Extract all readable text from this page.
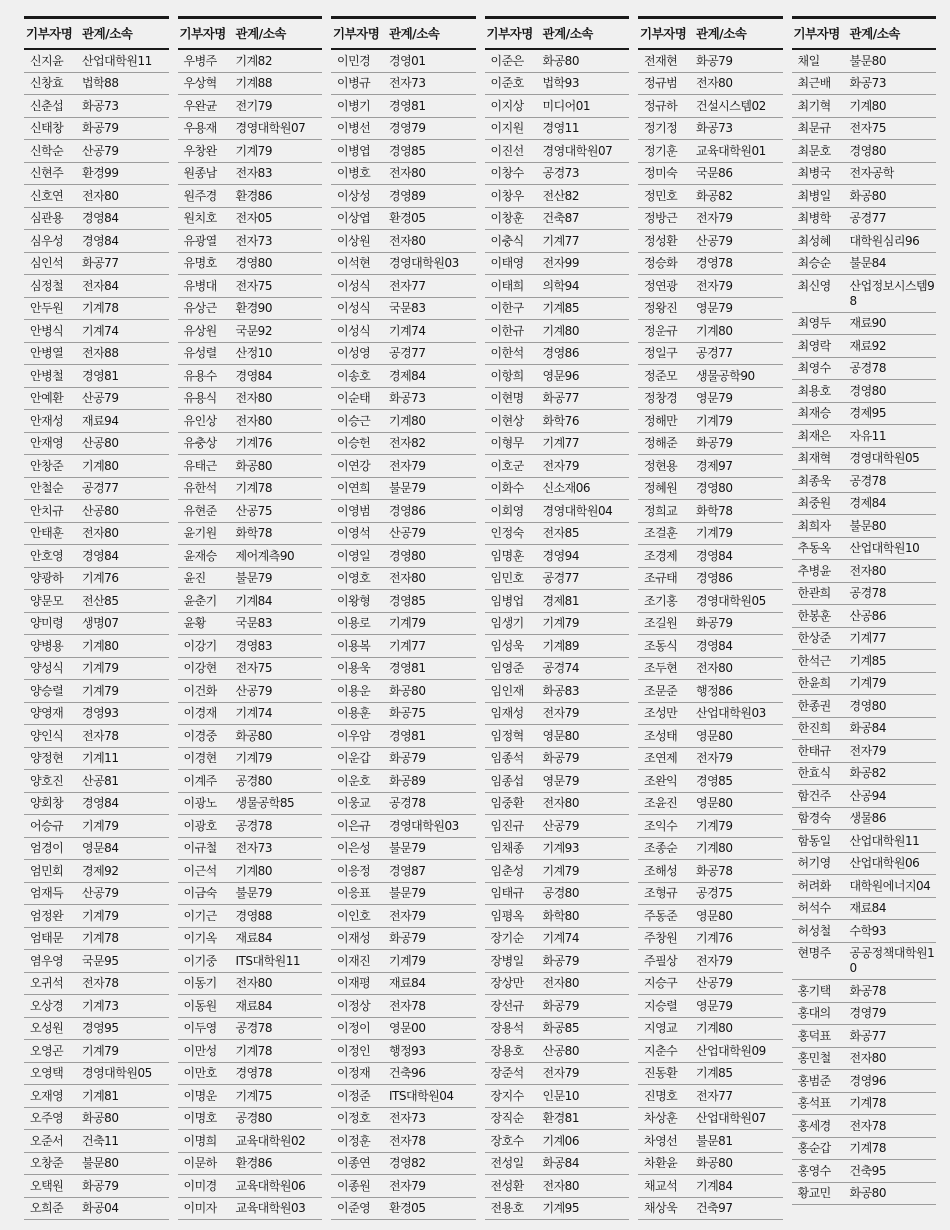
기부자명 관계/소속
신지윤	산업대학원11
신창효	법학88
신춘섭	화공73
신태창	화공79
신학순	산공79
신현주	환경99
신호연	전자80
심관용	경영84
심우성	경영84
심인석	화공77
심정철	전자84
안두원	기계78
안병식	기계74
안병열	전자88
안병철	경영81
안예환	산공79
안재성	재료94
안재영	산공80
안창준	기계80
안철순	공경77
안치규	산공80
안태훈	전자80
안호영	경영84
양광하	기계76
양문모	전산85
양미령	생명07
양병용	기계80
양성식	기계79
양승렬	기계79
양영재	경영93
양인식	전자78
양정현	기계11
양호진	산공81
양회창	경영84
어승규	기계79
엄경이	영문84
엄민회	경제92
엄재득	산공79
엄정완	기계79
엄태문	기계78
염우영	국문95
오귀석	전자78
오상경	기계73
오성원	경영95
오영곤	기계79
오영택	경영대학원05
오재영	기계81
오주영	화공80
오준서	건축11
오창준	불문80
오택원	화공79
오희준	화공04
기부자명 관계/소속
우병주	기계82
우상혁	기계88
우완균	전기79
우용재	경영대학원07
우창완	기계79
원종남	전자83
원주경	환경86
원치호	전자05
유광열	전자73
유명호	경영80
유병대	전자75
유상근	환경90
유상원	국문92
유성렬	산정10
유용수	경영84
유용식	전자80
유인상	전자80
유충상	기계76
유태근	화공80
유한석	기계78
유현준	산공75
윤기원	화학78
윤재승	제어계측90
윤진	불문79
윤춘기	기계84
윤황	국문83
이강기	경영83
이강현	전자75
이건화	산공79
이경재	기계74
이경중	화공80
이경현	기계79
이계주	공경80
이광노	생물공학85
이광호	공경78
이규철	전자73
이근석	기계80
이금숙	불문79
이기근	경영88
이기옥	재료84
이기중	ITS대학원11
이동기	전자80
이동원	재료84
이두영	공경78
이만성	기계78
이만호	경영78
이명운	기계75
이명호	공경80
이명희	교육대학원02
이문하	환경86
이미경	교육대학원06
이미자	교육대학원03
기부자명 관계/소속
이민경	경영01
이병규	전자73
이병기	경영81
이병선	경영79
이병엽	경영85
이병호	전자80
이상성	경영89
이상엽	환경05
이상원	전자80
이석현	경영대학원03
이성식	전자77
이성식	국문83
이성식	기계74
이성영	공경77
이송호	경제84
이순태	화공73
이승근	기계80
이승헌	전자82
이연강	전자79
이연희	불문79
이영범	경영86
이영석	산공79
이영일	경영80
이영호	전자80
이왕형	경영85
이용로	기계79
이용복	기계77
이용욱	경영81
이용운	화공80
이용훈	화공75
이우암	경영81
이운갑	화공79
이운호	화공89
이웅교	공경78
이은규	경영대학원03
이은성	불문79
이응정	경영87
이응표	불문79
이인호	전자79
이재성	화공79
이재진	기계79
이재평	재료84
이정상	전자78
이정이	영문00
이정인	행정93
이정재	건축96
이정준	ITS대학원04
이정호	전자73
이정훈	전자78
이종연	경영82
이종원	전자79
이준영	환경05
기부자명 관계/소속
이준은	화공80
이준호	법학93
이지상	미디어01
이지원	경영11
이진선	경영대학원07
이창수	공경73
이창우	전산82
이창훈	건축87
이충식	기계77
이태영	전자99
이태희	의학94
이한구	기계85
이한규	기계80
이한석	경영86
이항희	영문96
이현명	화공77
이현상	화학76
이형무	기계77
이호군	전자79
이화수	신소재06
이회영	경영대학원04
인정숙	전자85
임명훈	경영94
임민호	공경77
임병업	경제81
임생기	기계79
임성욱	기계89
임영준	공경74
임인재	화공83
임재성	전자79
임정혁	영문80
임종석	화공79
임종섭	영문79
임중환	전자80
임진규	산공79
임채종	기계93
임춘성	기계79
임태규	공경80
임평옥	화학80
장기순	기계74
장병일	화공79
장상만	전자80
장선규	화공79
장용석	화공85
장용호	산공80
장준석	전자79
장지수	인문10
장직순	환경81
장호수	기계06
전성일	화공84
전성환	전자80
전용호	기계95
기부자명 관계/소속
전재현	화공79
정규범	전자80
정규하	건설시스템02
정기정	화공73
정기훈	교육대학원01
정미숙	국문86
정민호	화공82
정방근	전자79
정성환	산공79
정승화	경영78
정연광	전자79
정왕진	영문79
정운규	기계80
정일구	공경77
정준모	생물공학90
정창경	영문79
정해만	기계79
정해준	화공79
정현용	경제97
정혜원	경영80
정희교	화학78
조걸훈	기계79
조경제	경영84
조규태	경영86
조기홍	경영대학원05
조길원	화공79
조동식	경영84
조두현	전자80
조문준	행정86
조성만	산업대학원03
조성태	영문80
조연제	전자79
조완익	경영85
조윤진	영문80
조익수	기계79
조종순	기계80
조해성	화공78
조형규	공경75
주동준	영문80
주창원	기계76
주필상	전자79
지승구	산공79
지승렬	영문79
지영교	기계80
지춘수	산업대학원09
진동환	기계85
진명호	전자77
차상훈	산업대학원07
차영선	불문81
차환윤	화공80
채교석	기계84
채상욱	건축97
기부자명 관계/소속
채일	불문80
최근배	화공73
최기혁	기계80
최문규	전자75
최문호	경영80
최병국	전자공학
최병일	화공80
최병학	공경77
최성혜	대학원심리96
최승순	불문84
최신영	산업정보시스템98
최영두	재료90
최영락	재료92
최영수	공경78
최용호	경영80
최재승	경제95
최재은	자유11
최재혁	경영대학원05
최종욱	공경78
최중원	경제84
최희자	불문80
추동옥	산업대학원10
추병윤	전자80
한관희	공경78
한봉훈	산공86
한상준	기계77
한석근	기계85
한윤희	기계79
한종권	경영80
한진희	화공84
한태규	전자79
한효식	화공82
함건주	산공94
함경숙	생물86
함동일	산업대학원11
허기영	산업대학원06
허려화	대학원에너지04
허석수	재료84
허성철	수학93
현명주	공공정책대학원10
홍기택	화공78
홍대의	경영79
홍덕표	화공77
홍민철	전자80
홍범준	경영96
홍석표	기계78
홍세경	전자78
홍순갑	기계78
홍영수	건축95
황교민	화공80
